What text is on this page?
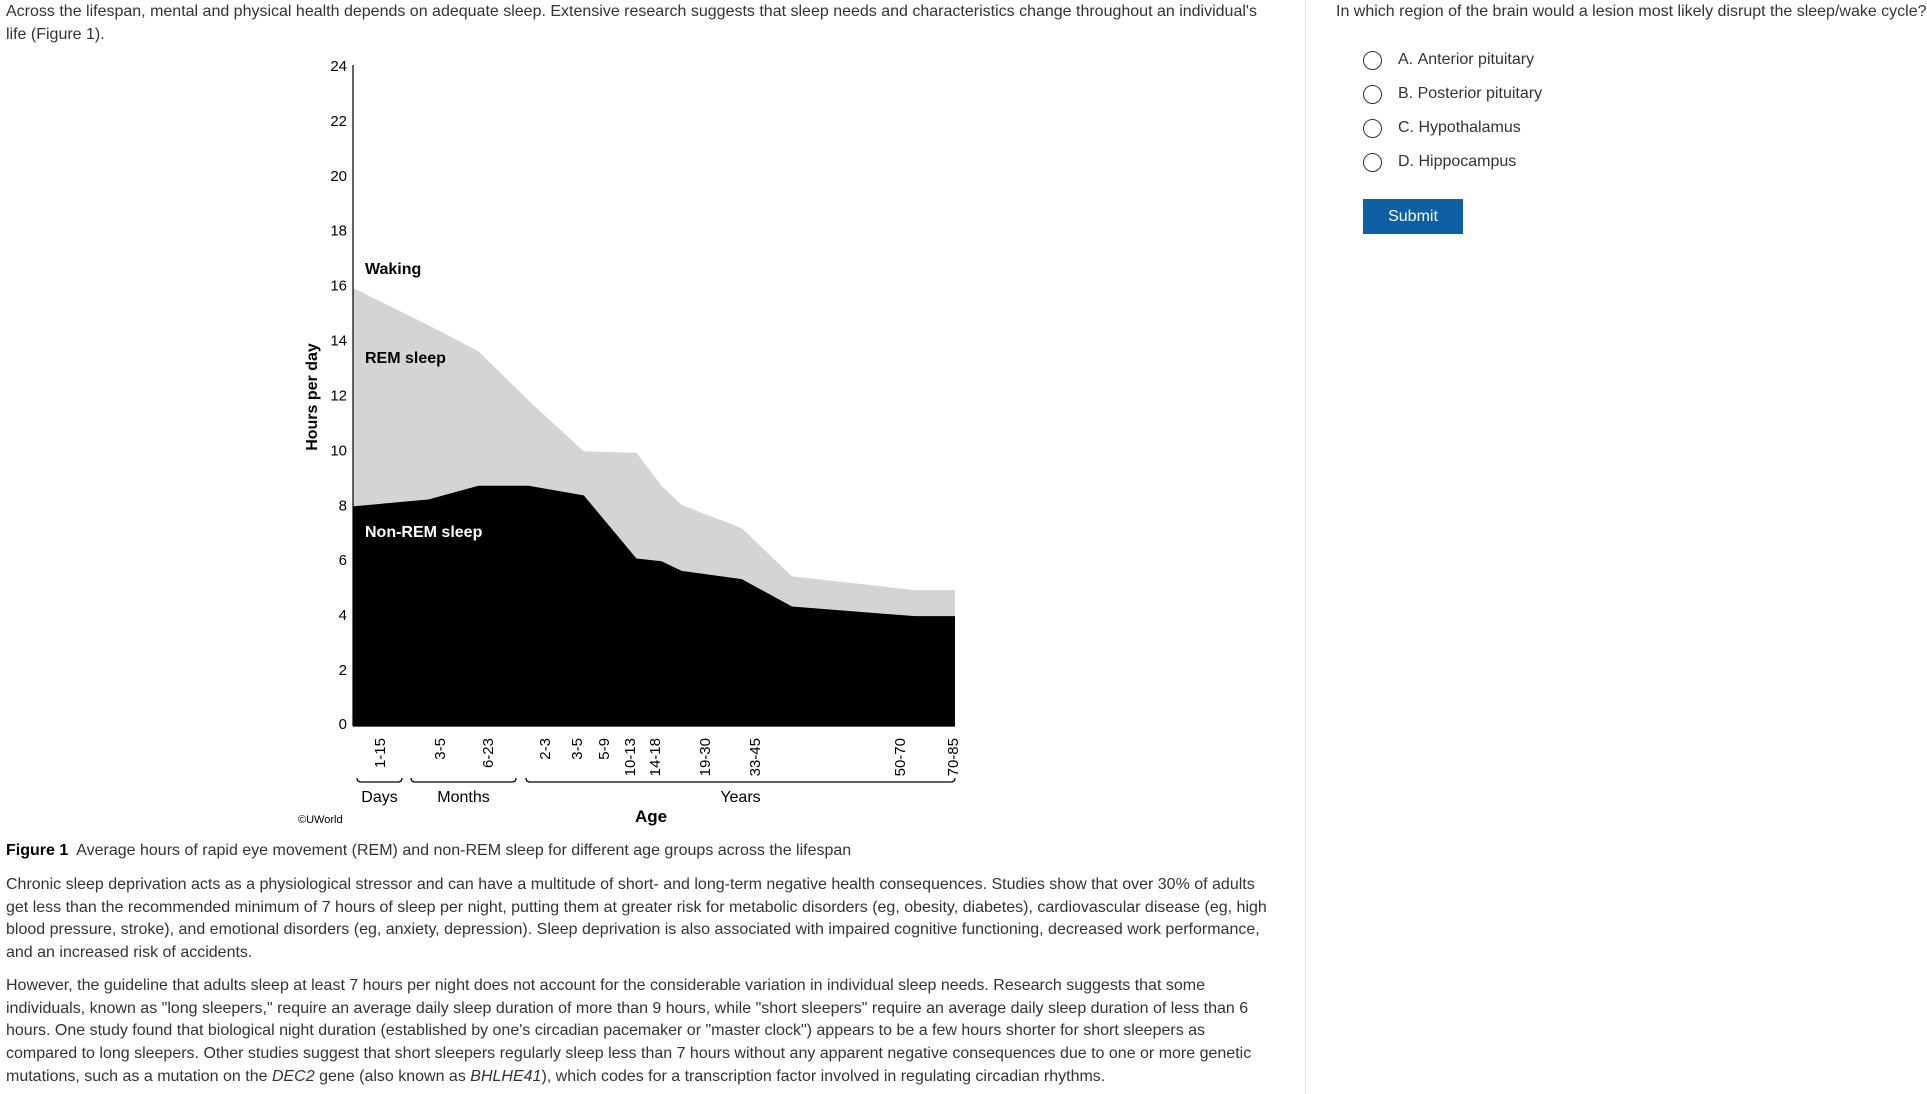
Across the lifespan, mental and physical health depends on adequate sleep. Extensive research suggests that sleep needs and characteristics change throughout an individual's life (Figure 1).

0
2
4
6
8
10
12
14
16
18
20
22
24
1-15	3-5 6-23	2-3 3-5 5-9 10-13 14-18 19-30 33-45	50-70 70-85
Days Months	Years
Waking
REM sleep
Non-REM sleep
Hours per day
Age
©UWorld

Figure 1 Average hours of rapid eye movement (REM) and non-REM sleep for different age groups across the lifespan

Chronic sleep deprivation acts as a physiological stressor and can have a multitude of short- and long-term negative health consequences. Studies show that over 30% of adults get less than the recommended minimum of 7 hours of sleep per night, putting them at greater risk for metabolic disorders (eg, obesity, diabetes), cardiovascular disease (eg, high blood pressure, stroke), and emotional disorders (eg, anxiety, depression). Sleep deprivation is also associated with impaired cognitive functioning, decreased work performance, and an increased risk of accidents.

However, the guideline that adults sleep at least 7 hours per night does not account for the considerable variation in individual sleep needs. Research suggests that some individuals, known as "long sleepers," require an average daily sleep duration of more than 9 hours, while "short sleepers" require an average daily sleep duration of less than 6 hours. One study found that biological night duration (established by one's circadian pacemaker or "master clock") appears to be a few hours shorter for short sleepers as compared to long sleepers. Other studies suggest that short sleepers regularly sleep less than 7 hours without any apparent negative consequences due to one or more genetic mutations, such as a mutation on the DEC2 gene (also known as BHLHE41), which codes for a transcription factor involved in regulating circadian rhythms.

In which region of the brain would a lesion most likely disrupt the sleep/wake cycle?

A. Anterior pituitary
B. Posterior pituitary
C. Hypothalamus
D. Hippocampus
Submit
